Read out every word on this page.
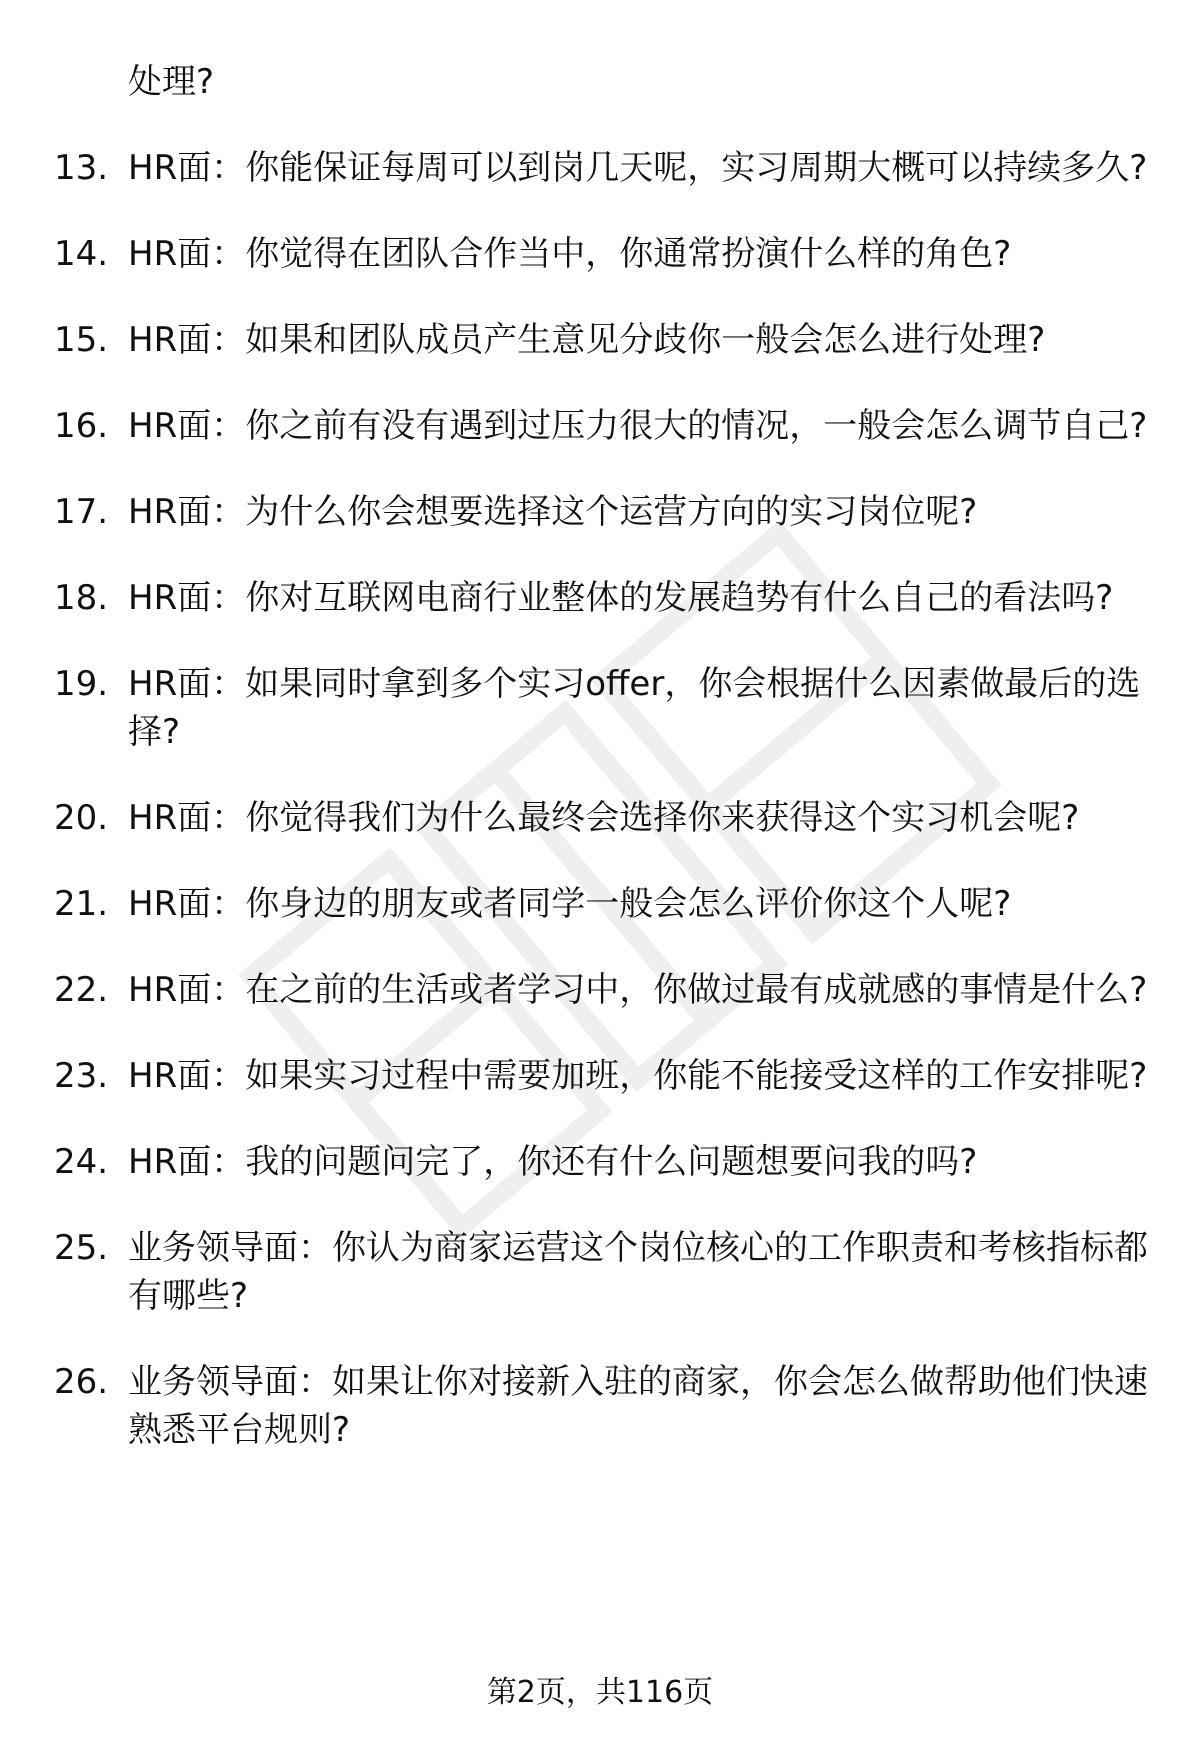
处理?
13. HR面：你能保证每周可以到岗几天呢，实习周期大概可以持续多久?
14. HR面：你觉得在团队合作当中，你通常扮演什么样的角色?
15. HR面：如果和团队成员产生意见分歧你一般会怎么进行处理?
16. HR面：你之前有没有遇到过压力很大的情况，一般会怎么调节自己?
17. HR面：为什么你会想要选择这个运营方向的实习岗位呢?
18. HR面：你对互联网电商行业整体的发展趋势有什么自己的看法吗?
19. HR面：如果同时拿到多个实习offer，你会根据什么因素做最后的选择?
20. HR面：你觉得我们为什么最终会选择你来获得这个实习机会呢?
21. HR面：你身边的朋友或者同学一般会怎么评价你这个人呢?
22. HR面：在之前的生活或者学习中，你做过最有成就感的事情是什么?
23. HR面：如果实习过程中需要加班，你能不能接受这样的工作安排呢?
24. HR面：我的问题问完了，你还有什么问题想要问我的吗?
25. 业务领导面：你认为商家运营这个岗位核心的工作职责和考核指标都有哪些?
26. 业务领导面：如果让你对接新入驻的商家，你会怎么做帮助他们快速熟悉平台规则?
第2页，共116页
